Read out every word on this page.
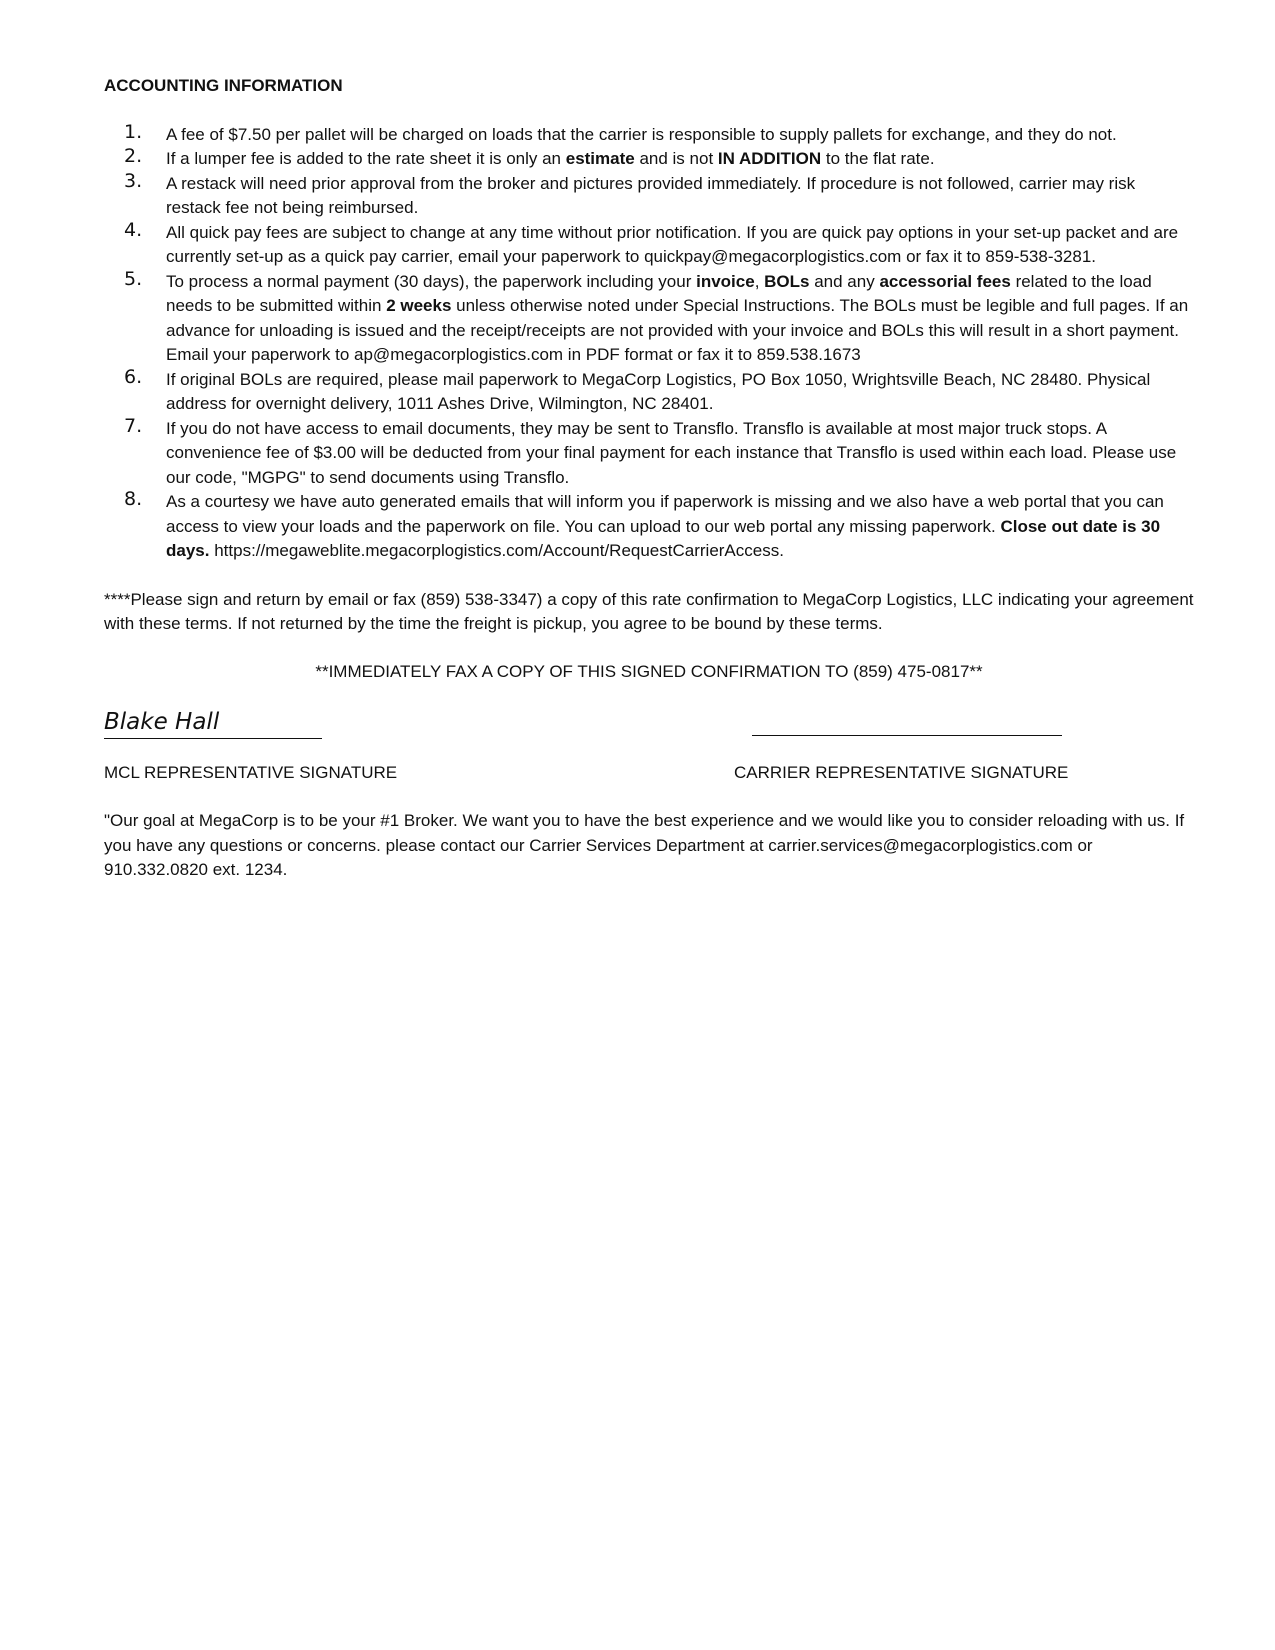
ACCOUNTING INFORMATION
1. A fee of $7.50 per pallet will be charged on loads that the carrier is responsible to supply pallets for exchange, and they do not.
2. If a lumper fee is added to the rate sheet it is only an estimate and is not IN ADDITION to the flat rate.
3. A restack will need prior approval from the broker and pictures provided immediately. If procedure is not followed, carrier may risk restack fee not being reimbursed.
4. All quick pay fees are subject to change at any time without prior notification. If you are quick pay options in your set-up packet and are currently set-up as a quick pay carrier, email your paperwork to quickpay@megacorplogistics.com or fax it to 859-538-3281.
5. To process a normal payment (30 days), the paperwork including your invoice, BOLs and any accessorial fees related to the load needs to be submitted within 2 weeks unless otherwise noted under Special Instructions. The BOLs must be legible and full pages. If an advance for unloading is issued and the receipt/receipts are not provided with your invoice and BOLs this will result in a short payment. Email your paperwork to ap@megacorplogistics.com in PDF format or fax it to 859.538.1673
6. If original BOLs are required, please mail paperwork to MegaCorp Logistics, PO Box 1050, Wrightsville Beach, NC 28480. Physical address for overnight delivery, 1011 Ashes Drive, Wilmington, NC 28401.
7. If you do not have access to email documents, they may be sent to Transflo. Transflo is available at most major truck stops. A convenience fee of $3.00 will be deducted from your final payment for each instance that Transflo is used within each load. Please use our code, "MGPG" to send documents using Transflo.
8. As a courtesy we have auto generated emails that will inform you if paperwork is missing and we also have a web portal that you can access to view your loads and the paperwork on file. You can upload to our web portal any missing paperwork. Close out date is 30 days. https://megaweblite.megacorplogistics.com/Account/RequestCarrierAccess.
****Please sign and return by email or fax (859) 538-3347) a copy of this rate confirmation to MegaCorp Logistics, LLC indicating your agreement with these terms. If not returned by the time the freight is pickup, you agree to be bound by these terms.
**IMMEDIATELY FAX A COPY OF THIS SIGNED CONFIRMATION TO (859) 475-0817**
Blake Hall
MCL REPRESENTATIVE SIGNATURE	CARRIER REPRESENTATIVE SIGNATURE
"Our goal at MegaCorp is to be your #1 Broker. We want you to have the best experience and we would like you to consider reloading with us. If you have any questions or concerns. please contact our Carrier Services Department at carrier.services@megacorplogistics.com or 910.332.0820 ext. 1234.
